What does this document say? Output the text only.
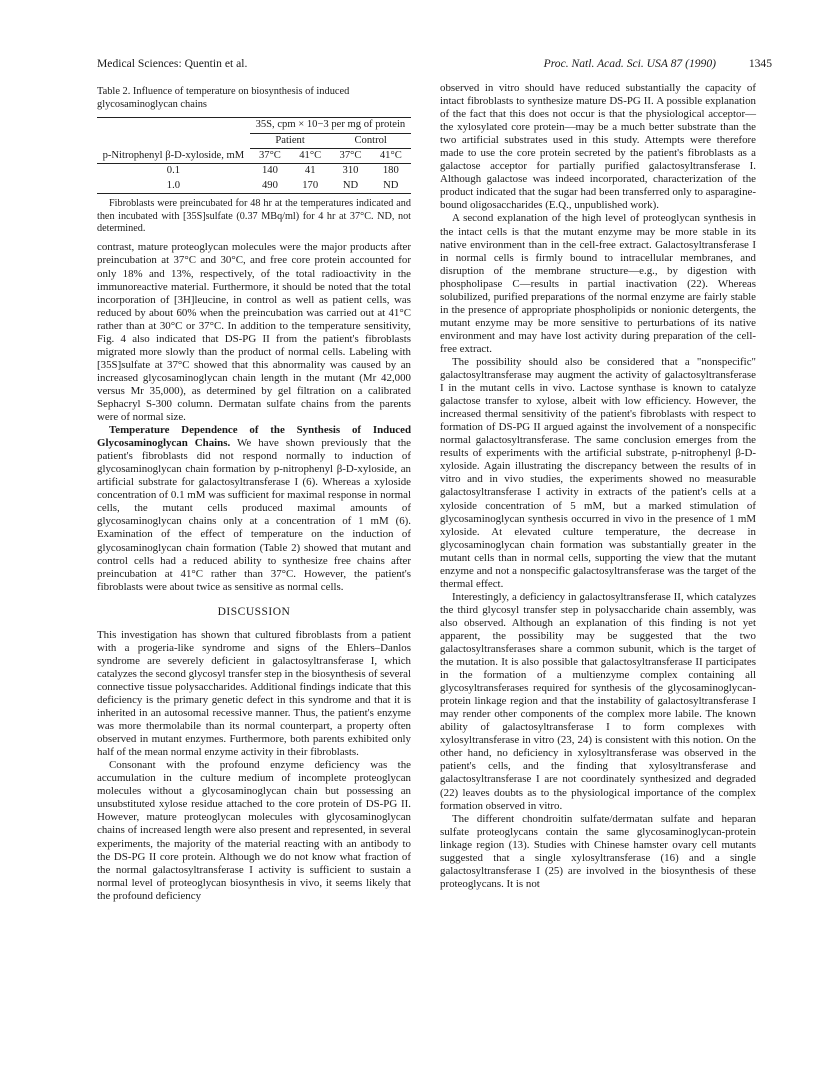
Medical Sciences: Quentin et al.	Proc. Natl. Acad. Sci. USA 87 (1990)	1345

Table 2. Influence of temperature on biosynthesis of induced glycosaminoglycan chains

p-Nitrophenyl β-D-xyloside, mM	35S, cpm × 10−3 per mg of protein			
	Patient		Control	
	37°C	41°C	37°C	41°C
0.1	140	41	310	180
1.0	490	170	ND	ND

Fibroblasts were preincubated for 48 hr at the temperatures indicated and then incubated with [35S]sulfate (0.37 MBq/ml) for 4 hr at 37°C. ND, not determined.

contrast, mature proteoglycan molecules were the major products after preincubation at 37°C and 30°C, and free core protein accounted for only 18% and 13%, respectively, of the total radioactivity in the immunoreactive material. Furthermore, it should be noted that the total incorporation of [3H]leucine, in control as well as patient cells, was reduced by about 60% when the preincubation was carried out at 41°C rather than at 30°C or 37°C. In addition to the temperature sensitivity, Fig. 4 also indicated that DS-PG II from the patient's fibroblasts migrated more slowly than the product of normal cells. Labeling with [35S]sulfate at 37°C showed that this abnormality was caused by an increased glycosaminoglycan chain length in the mutant (Mr 42,000 versus Mr 35,000), as determined by gel filtration on a calibrated Sephacryl S-300 column. Dermatan sulfate chains from the parents were of normal size.

Temperature Dependence of the Synthesis of Induced Glycosaminoglycan Chains. We have shown previously that the patient's fibroblasts did not respond normally to induction of glycosaminoglycan chain formation by p-nitrophenyl β-D-xyloside, an artificial substrate for galactosyltransferase I (6). Whereas a xyloside concentration of 0.1 mM was sufficient for maximal response in normal cells, the mutant cells produced maximal amounts of glycosaminoglycan chains only at a concentration of 1 mM (6). Examination of the effect of temperature on the induction of glycosaminoglycan chain formation (Table 2) showed that mutant and control cells had a reduced ability to synthesize free chains after preincubation at 41°C rather than 37°C. However, the patient's fibroblasts were about twice as sensitive as normal cells.

DISCUSSION

This investigation has shown that cultured fibroblasts from a patient with a progeria-like syndrome and signs of the Ehlers–Danlos syndrome are severely deficient in galactosyltransferase I, which catalyzes the second glycosyl transfer step in the biosynthesis of several connective tissue polysaccharides. Additional findings indicate that this deficiency is the primary genetic defect in this syndrome and that it is inherited in an autosomal recessive manner. Thus, the patient's enzyme was more thermolabile than its normal counterpart, a property often observed in mutant enzymes. Furthermore, both parents exhibited only half of the mean normal enzyme activity in their fibroblasts.

Consonant with the profound enzyme deficiency was the accumulation in the culture medium of incomplete proteoglycan molecules without a glycosaminoglycan chain but possessing an unsubstituted xylose residue attached to the core protein of DS-PG II. However, mature proteoglycan molecules with glycosaminoglycan chains of increased length were also present and represented, in several experiments, the majority of the material reacting with an antibody to the DS-PG II core protein. Although we do not know what fraction of the normal galactosyltransferase I activity is sufficient to sustain a normal level of proteoglycan biosynthesis in vivo, it seems likely that the profound deficiency

observed in vitro should have reduced substantially the capacity of intact fibroblasts to synthesize mature DS-PG II. A possible explanation of the fact that this does not occur is that the physiological acceptor—the xylosylated core protein—may be a much better substrate than the two artificial substrates used in this study. Attempts were therefore made to use the core protein secreted by the patient's fibroblasts as a galactose acceptor for partially purified galactosyltransferase I. Although galactose was indeed incorporated, characterization of the product indicated that the sugar had been transferred only to asparagine-bound oligosaccharides (E.Q., unpublished work).

A second explanation of the high level of proteoglycan synthesis in the intact cells is that the mutant enzyme may be more stable in its native environment than in the cell-free extract. Galactosyltransferase I in normal cells is firmly bound to intracellular membranes, and disruption of the membrane structure—e.g., by digestion with phospholipase C—results in partial inactivation (22). Whereas solubilized, purified preparations of the normal enzyme are fairly stable in the presence of appropriate phospholipids or nonionic detergents, the mutant enzyme may be more sensitive to perturbations of its native environment and may have lost activity during preparation of the cell-free extract.

The possibility should also be considered that a "nonspecific" galactosyltransferase may augment the activity of galactosyltransferase I in the mutant cells in vivo. Lactose synthase is known to catalyze galactose transfer to xylose, albeit with low efficiency. However, the increased thermal sensitivity of the patient's fibroblasts with respect to formation of DS-PG II argued against the involvement of a nonspecific normal galactosyltransferase. The same conclusion emerges from the results of experiments with the artificial substrate, p-nitrophenyl β-D-xyloside. Again illustrating the discrepancy between the results of in vitro and in vivo studies, the experiments showed no measurable galactosyltransferase I activity in extracts of the patient's cells at a xyloside concentration of 5 mM, but a marked stimulation of glycosaminoglycan synthesis occurred in vivo in the presence of 1 mM xyloside. At elevated culture temperature, the decrease in glycosaminoglycan chain formation was substantially greater in the mutant cells than in normal cells, supporting the view that the mutant enzyme and not a nonspecific galactosyltransferase was the target of the thermal effect.

Interestingly, a deficiency in galactosyltransferase II, which catalyzes the third glycosyl transfer step in polysaccharide chain assembly, was also observed. Although an explanation of this finding is not yet apparent, the possibility may be suggested that the two galactosyltransferases share a common subunit, which is the target of the mutation. It is also possible that galactosyltransferase II participates in the formation of a multienzyme complex containing all glycosyltransferases required for synthesis of the glycosaminoglycan-protein linkage region and that the instability of galactosyltransferase I may render other components of the complex more labile. The known ability of galactosyltransferase I to form complexes with xylosyltransferase in vitro (23, 24) is consistent with this notion. On the other hand, no deficiency in xylosyltransferase was observed in the patient's cells, and the finding that xylosyltransferase and galactosyltransferase I are not coordinately synthesized and degraded (22) leaves doubts as to the physiological importance of the complex formation observed in vitro.

The different chondroitin sulfate/dermatan sulfate and heparan sulfate proteoglycans contain the same glycosaminoglycan-protein linkage region (13). Studies with Chinese hamster ovary cell mutants suggested that a single xylosyltransferase (16) and a single galactosyltransferase I (25) are involved in the biosynthesis of these proteoglycans. It is not
